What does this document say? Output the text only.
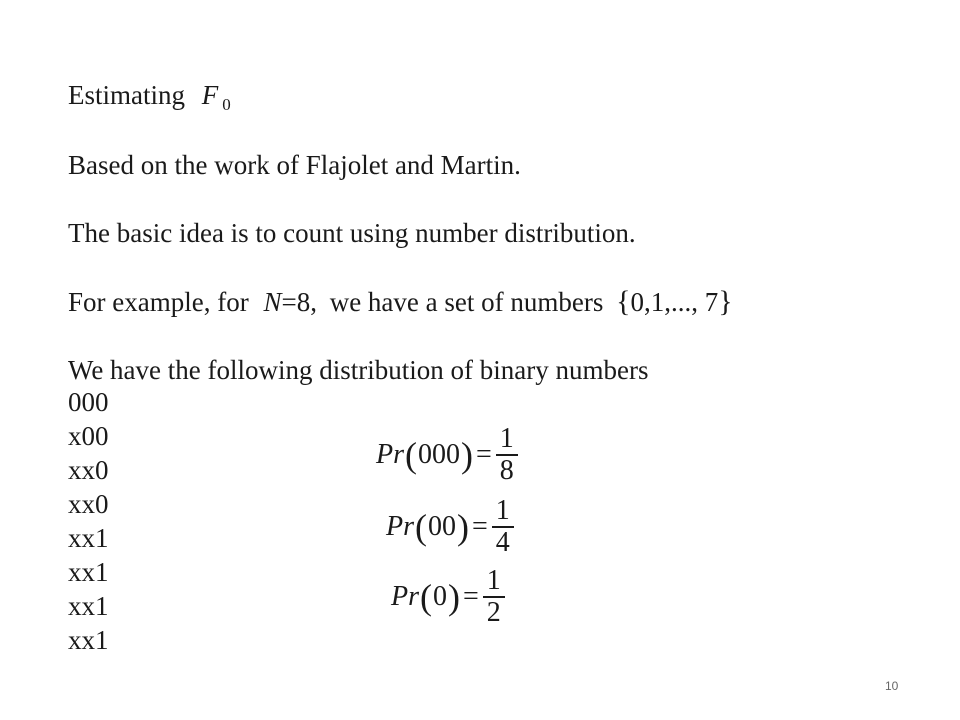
Estimating F $_0$
Based on the work of Flajolet and Martin.
The basic idea is to count using number distribution.
For example, for N=8, we have a set of numbers {0,1,..., 7}
We have the following distribution of binary numbers
000
x00
xx0
xx0
xx1
xx1
xx1
xx1
Pr ( 000 ) = $\frac{1}{8}$
Pr ( 00 ) = $\frac{1}{4}$
Pr ( 0 ) = $\frac{1}{2}$
10
